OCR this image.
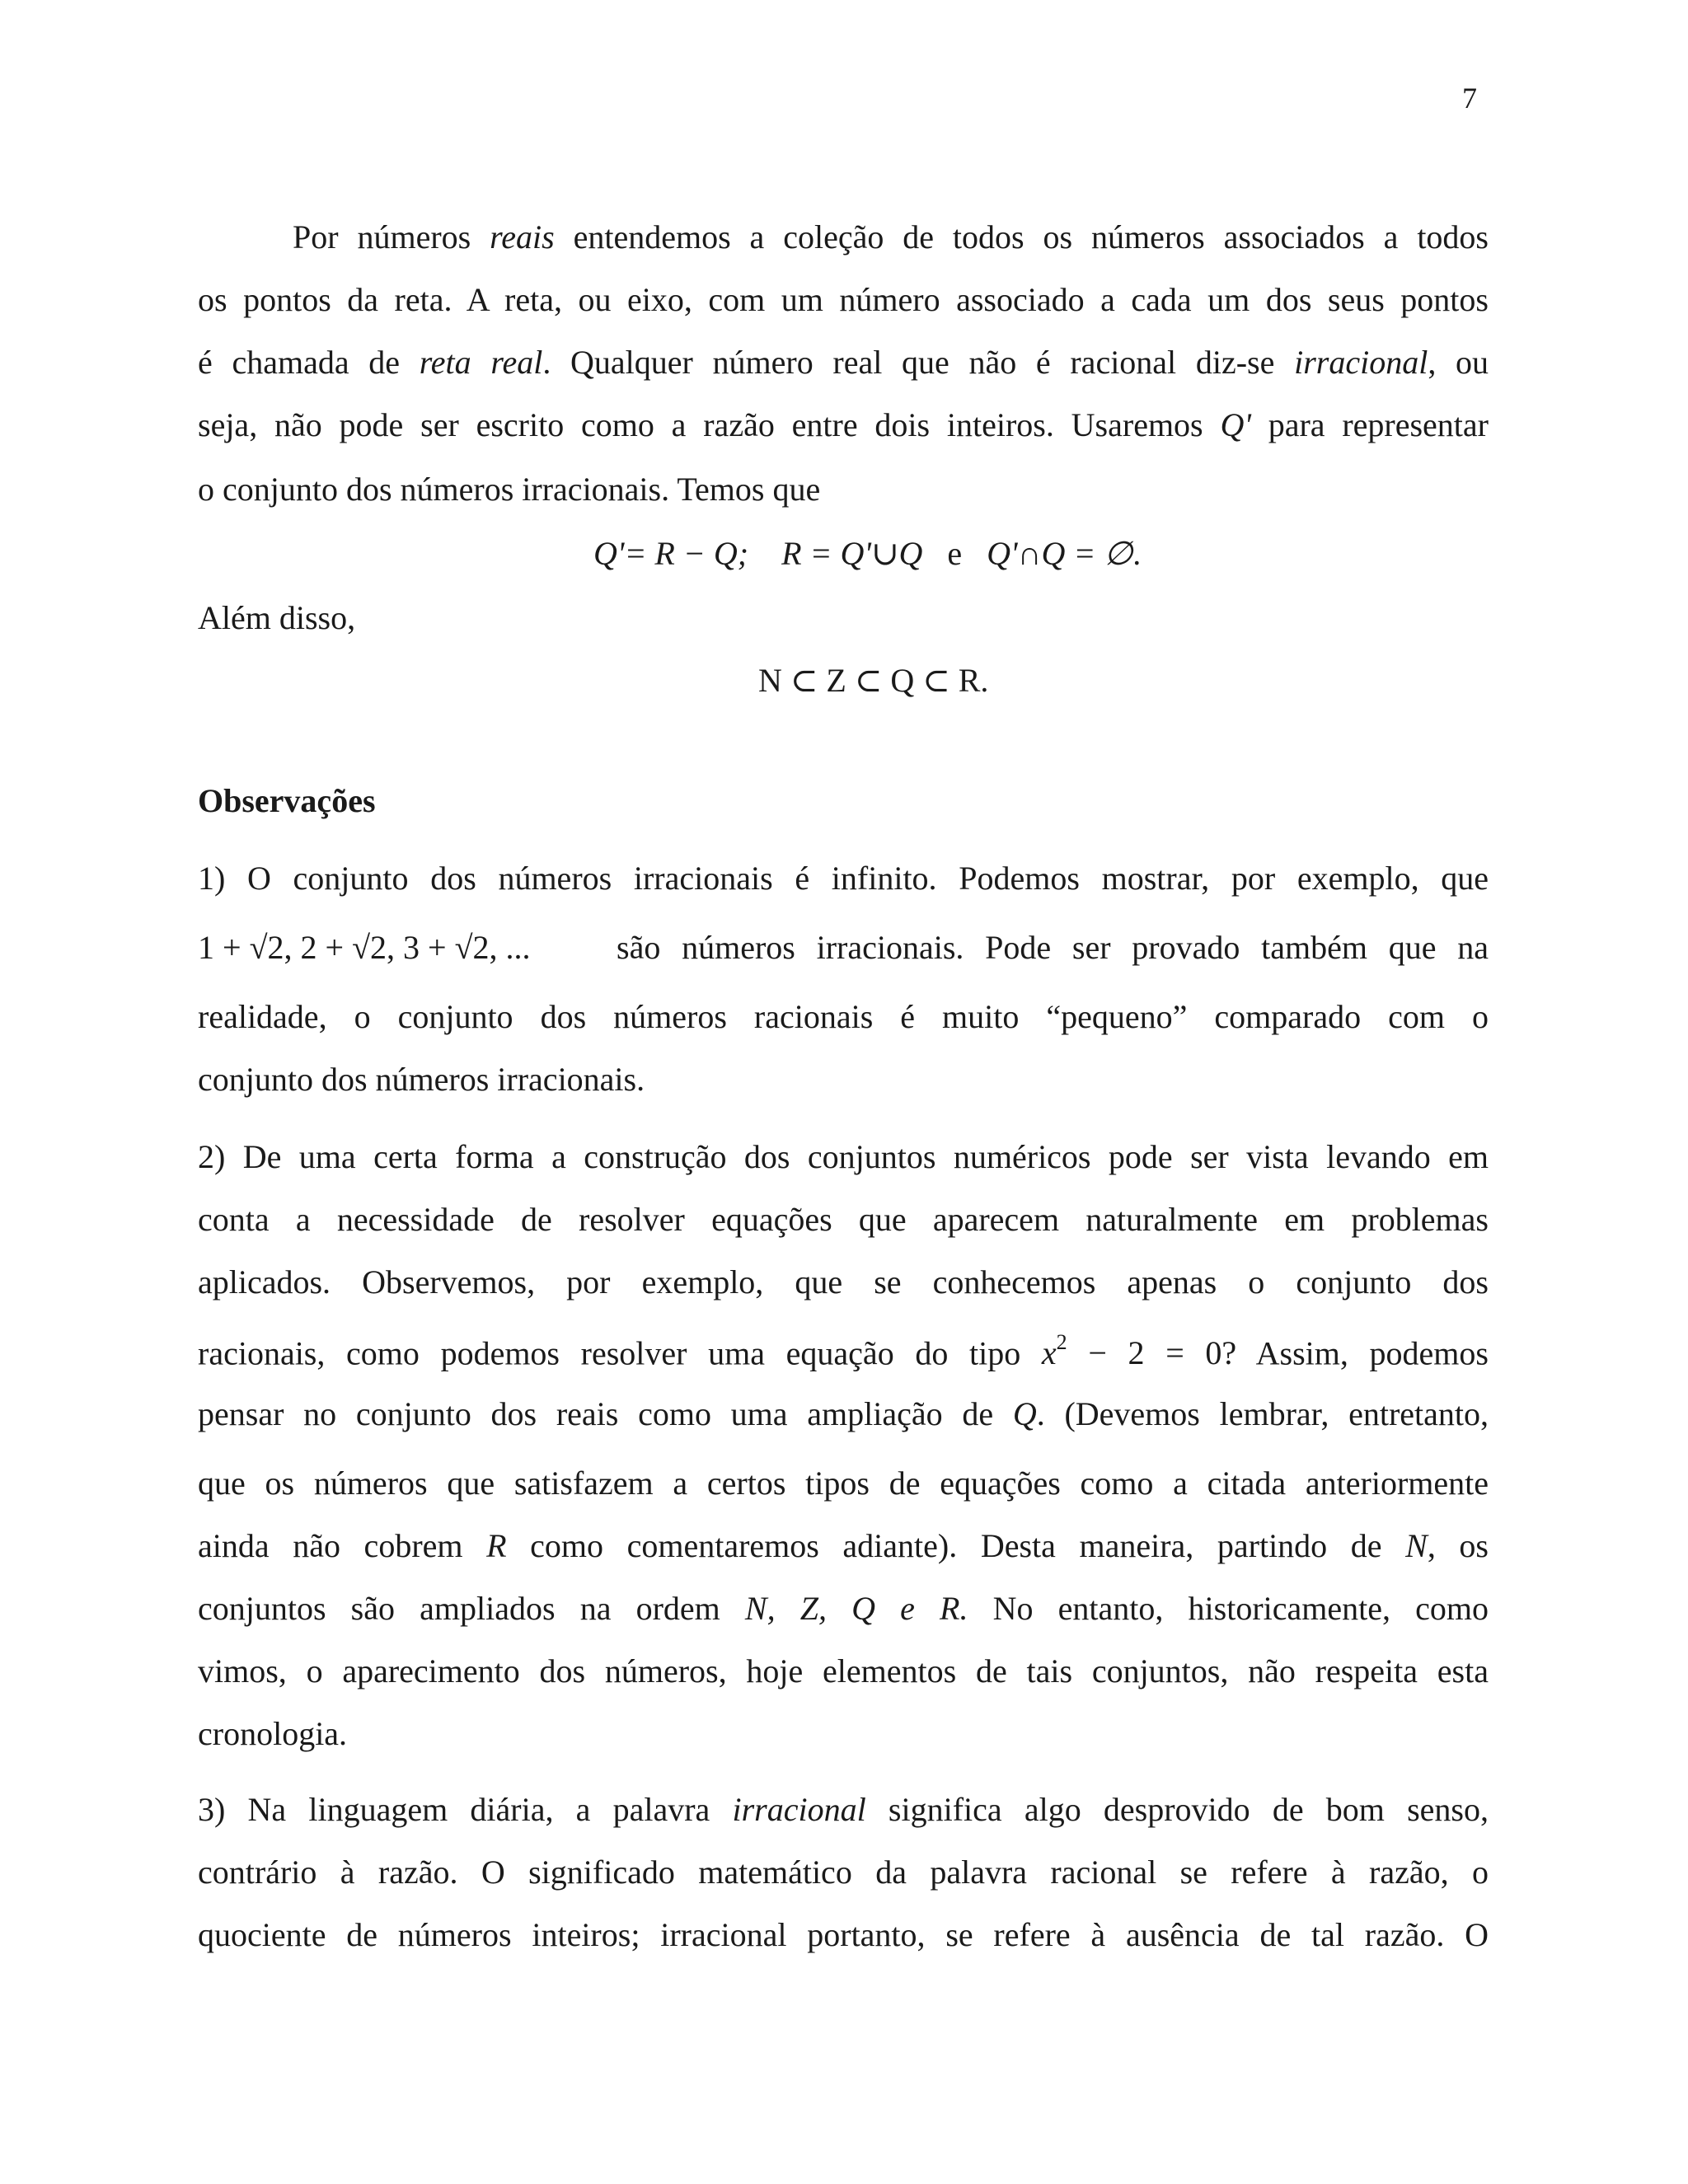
7
Por números reais entendemos a coleção de todos os números associados a todos
os pontos da reta. A reta, ou eixo, com um número associado a cada um dos seus pontos
é chamada de reta real. Qualquer número real que não é racional diz-se irracional, ou
seja, não pode ser escrito como a razão entre dois inteiros. Usaremos Q' para representar
o conjunto dos números irracionais. Temos que
Q'= R − Q; R = Q'∪Q e Q'∩Q = ∅.
Além disso,
N ⊂ Z ⊂ Q ⊂ R.
Observações
1) O conjunto dos números irracionais é infinito. Podemos mostrar, por exemplo, que
1 + √2, 2 + √2, 3 + √2, ...	são números irracionais. Pode ser provado também que na
realidade, o conjunto dos números racionais é muito “pequeno” comparado com o
conjunto dos números irracionais.
2) De uma certa forma a construção dos conjuntos numéricos pode ser vista levando em
conta a necessidade de resolver equações que aparecem naturalmente em problemas
aplicados. Observemos, por exemplo, que se conhecemos apenas o conjunto dos
racionais, como podemos resolver uma equação do tipo $x^2 - 2 = 0$? Assim, podemos
pensar no conjunto dos reais como uma ampliação de Q. (Devemos lembrar, entretanto,
que os números que satisfazem a certos tipos de equações como a citada anteriormente
ainda não cobrem R como comentaremos adiante). Desta maneira, partindo de N, os
conjuntos são ampliados na ordem N, Z, Q e R. No entanto, historicamente, como
vimos, o aparecimento dos números, hoje elementos de tais conjuntos, não respeita esta
cronologia.
3) Na linguagem diária, a palavra irracional significa algo desprovido de bom senso,
contrário à razão. O significado matemático da palavra racional se refere à razão, o
quociente de números inteiros; irracional portanto, se refere à ausência de tal razão. O
